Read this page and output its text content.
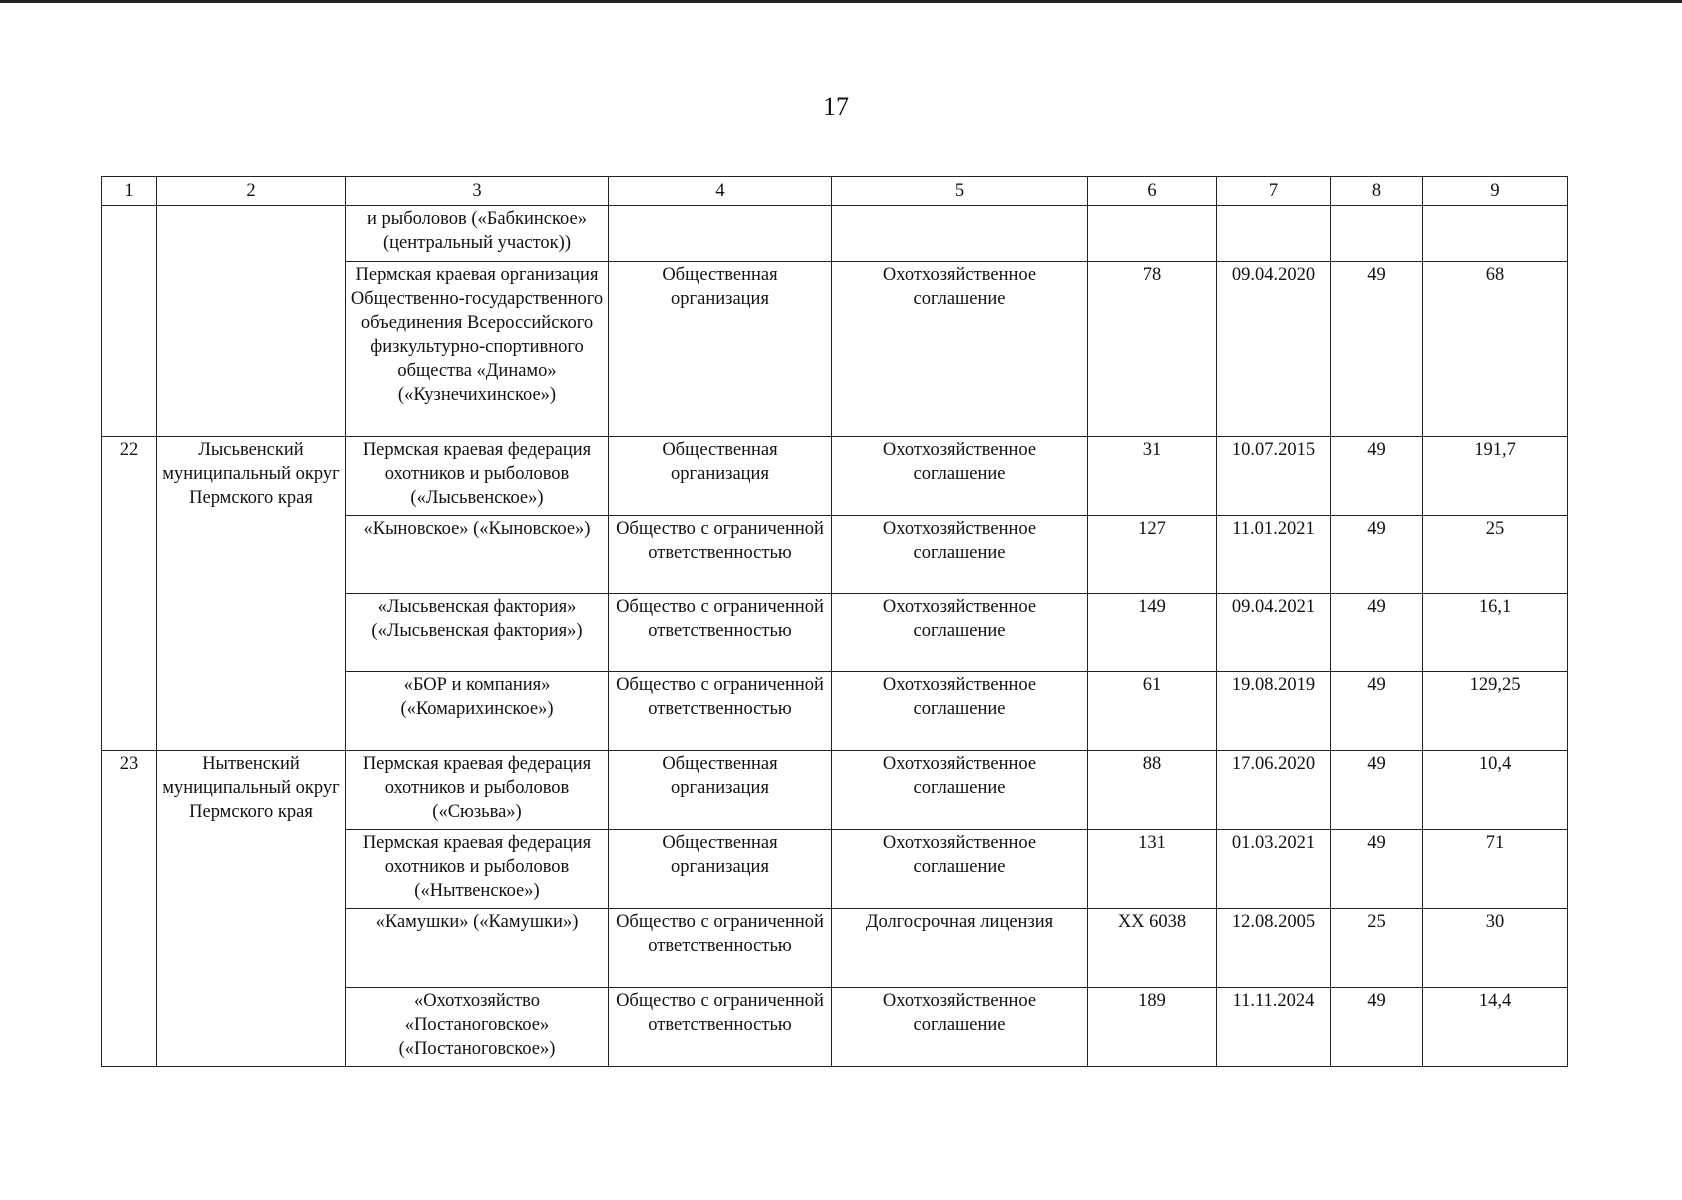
17
1	2	3	4	5	6	7	8	9
		и рыболовов («Бабкинское» (центральный участок))						
		Пермская краевая организация Общественно-государственного объединения Всероссийского физкультурно-спортивного общества «Динамо» («Кузнечихинское»)	Общественная организация	Охотхозяйственное соглашение	78	09.04.2020	49	68
22	Лысьвенский муниципальный округ Пермского края	Пермская краевая федерация охотников и рыболовов («Лысьвенское»)	Общественная организация	Охотхозяйственное соглашение	31	10.07.2015	49	191,7
		«Кыновское» («Кыновское»)	Общество с ограниченной ответственностью	Охотхозяйственное соглашение	127	11.01.2021	49	25
		«Лысьвенская фактория» («Лысьвенская фактория»)	Общество с ограниченной ответственностью	Охотхозяйственное соглашение	149	09.04.2021	49	16,1
		«БОР и компания» («Комарихинское»)	Общество с ограниченной ответственностью	Охотхозяйственное соглашение	61	19.08.2019	49	129,25
23	Нытвенский муниципальный округ Пермского края	Пермская краевая федерация охотников и рыболовов («Сюзьва»)	Общественная организация	Охотхозяйственное соглашение	88	17.06.2020	49	10,4
		Пермская краевая федерация охотников и рыболовов («Нытвенское»)	Общественная организация	Охотхозяйственное соглашение	131	01.03.2021	49	71
		«Камушки» («Камушки»)	Общество с ограниченной ответственностью	Долгосрочная лицензия	XX 6038	12.08.2005	25	30
		«Охотхозяйство «Постаноговское» («Постаноговское»)	Общество с ограниченной ответственностью	Охотхозяйственное соглашение	189	11.11.2024	49	14,4
